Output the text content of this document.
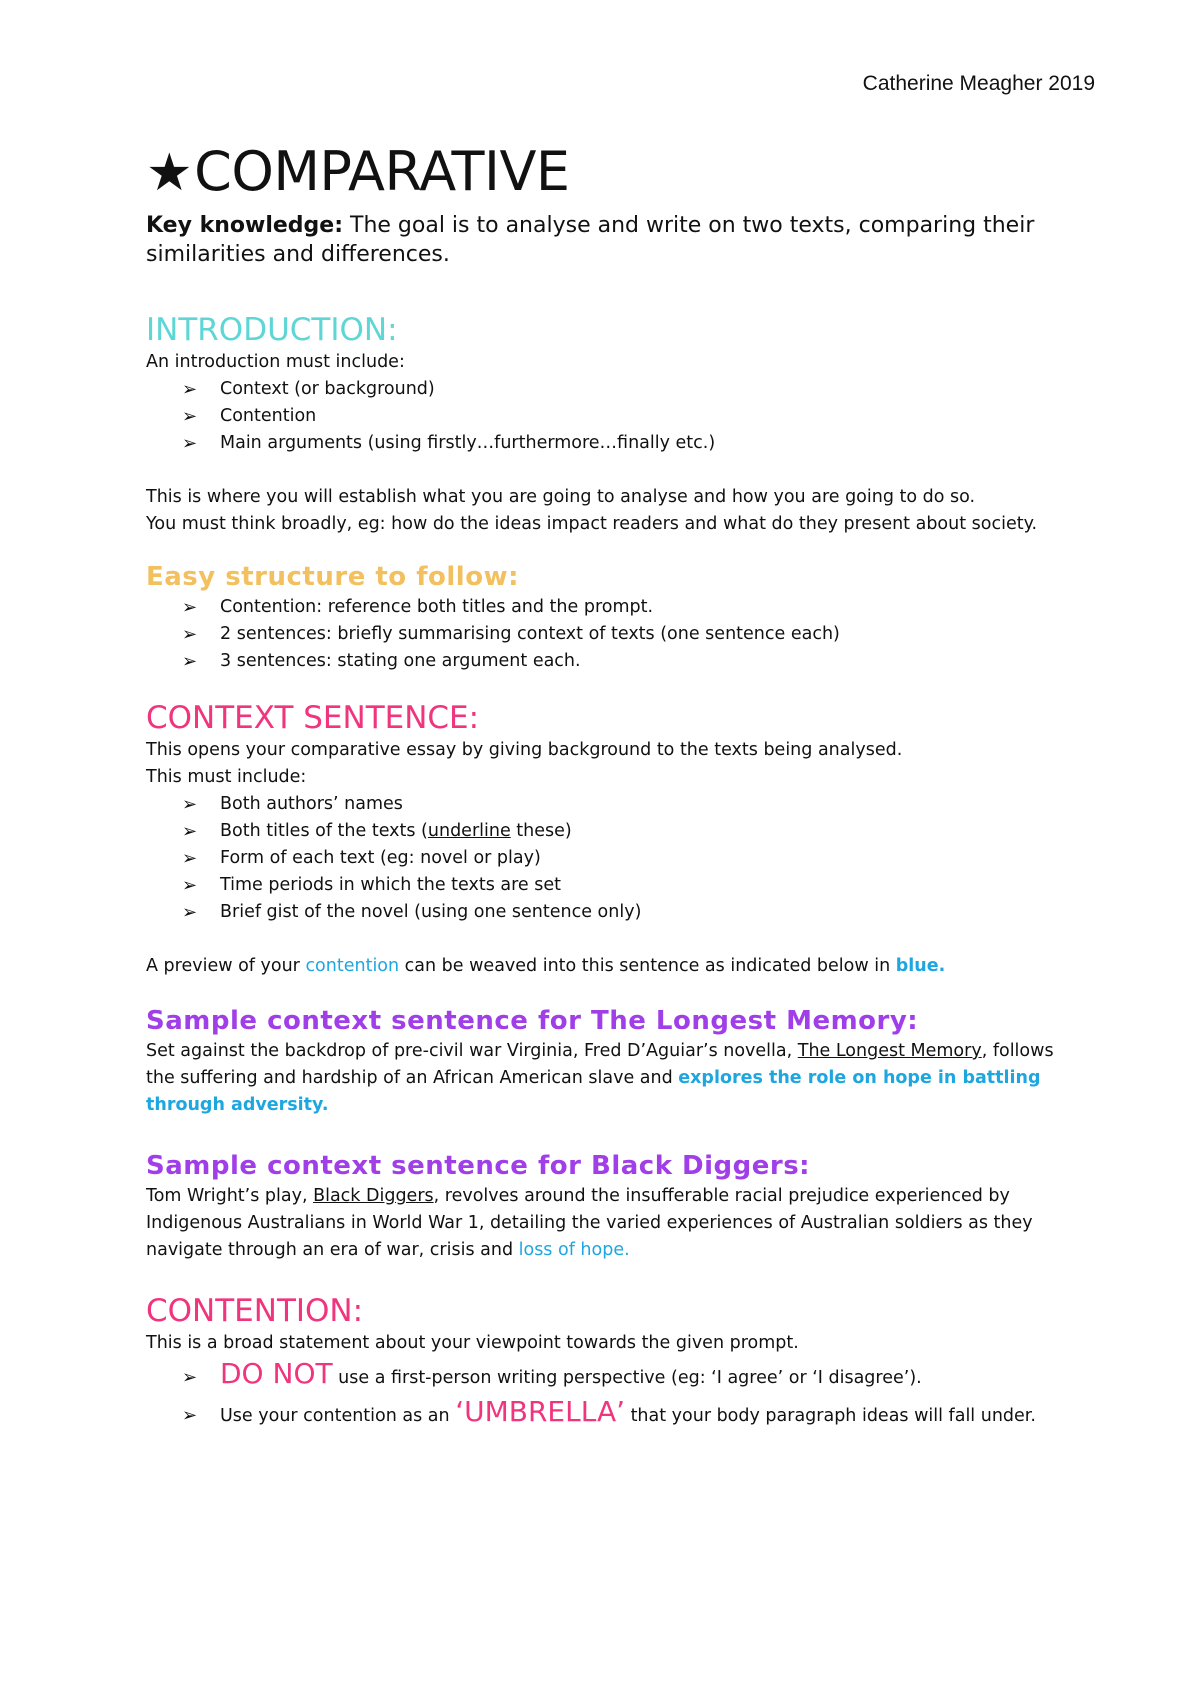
Catherine Meagher 2019
★COMPARATIVE

Key knowledge: The goal is to analyse and write on two texts, comparing their similarities and differences.

INTRODUCTION:

An introduction must include:

➢ Context (or background)
➢ Contention
➢ Main arguments (using firstly…furthermore…finally etc.)

This is where you will establish what you are going to analyse and how you are going to do so.

You must think broadly, eg: how do the ideas impact readers and what do they present about society.

Easy structure to follow:
➢ Contention: reference both titles and the prompt.
➢ 2 sentences: briefly summarising context of texts (one sentence each)
➢ 3 sentences: stating one argument each.
CONTEXT SENTENCE:

This opens your comparative essay by giving background to the texts being analysed.

This must include:

➢ Both authors’ names
➢ Both titles of the texts (underline these)
➢ Form of each text (eg: novel or play)
➢ Time periods in which the texts are set
➢ Brief gist of the novel (using one sentence only)

A preview of your contention can be weaved into this sentence as indicated below in blue.

Sample context sentence for The Longest Memory:

Set against the backdrop of pre-civil war Virginia, Fred D’Aguiar’s novella, The Longest Memory, follows the suffering and hardship of an African American slave and explores the role on hope in battling through adversity.

Sample context sentence for Black Diggers:

Tom Wright’s play, Black Diggers, revolves around the insufferable racial prejudice experienced by Indigenous Australians in World War 1, detailing the varied experiences of Australian soldiers as they navigate through an era of war, crisis and loss of hope.

CONTENTION:

This is a broad statement about your viewpoint towards the given prompt.

➢ DO NOT use a first-person writing perspective (eg: ‘I agree’ or ‘I disagree’).
➢ Use your contention as an ‘UMBRELLA’ that your body paragraph ideas will fall under.
